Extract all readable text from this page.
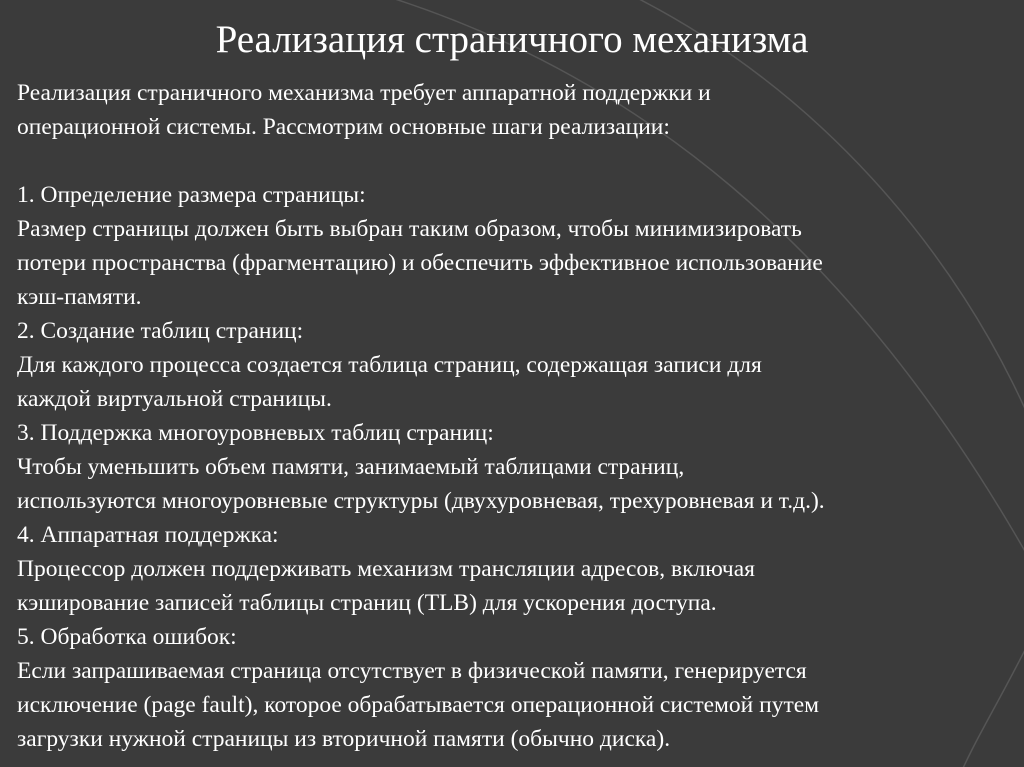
Реализация страничного механизма

Реализация страничного механизма требует аппаратной поддержки и

операционной системы. Рассмотрим основные шаги реализации:

1. Определение размера страницы:

Размер страницы должен быть выбран таким образом, чтобы минимизировать

потери пространства (фрагментацию) и обеспечить эффективное использование

кэш-памяти.

2. Создание таблиц страниц:

Для каждого процесса создается таблица страниц, содержащая записи для

каждой виртуальной страницы.

3. Поддержка многоуровневых таблиц страниц:

Чтобы уменьшить объем памяти, занимаемый таблицами страниц,

используются многоуровневые структуры (двухуровневая, трехуровневая и т.д.).

4. Аппаратная поддержка:

Процессор должен поддерживать механизм трансляции адресов, включая

кэширование записей таблицы страниц (TLB) для ускорения доступа.

5. Обработка ошибок:

Если запрашиваемая страница отсутствует в физической памяти, генерируется

исключение (page fault), которое обрабатывается операционной системой путем

загрузки нужной страницы из вторичной памяти (обычно диска).
